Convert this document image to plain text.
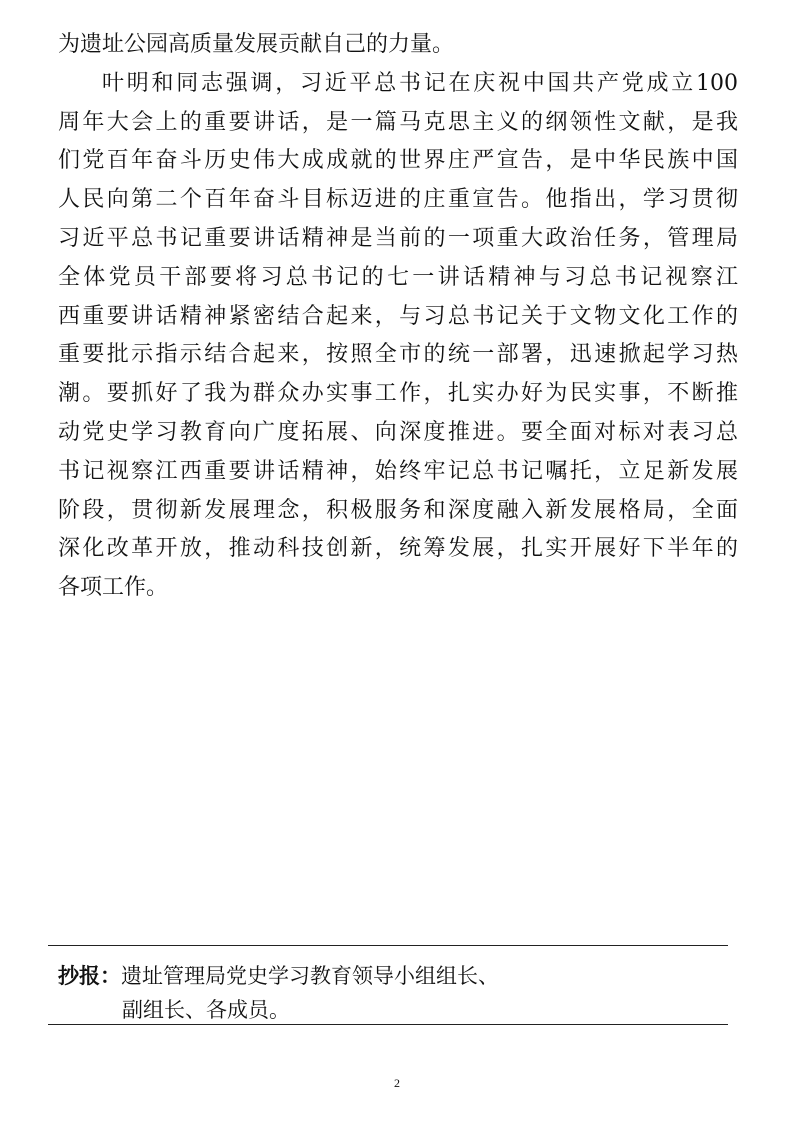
为遗址公园高质量发展贡献自己的力量。
叶明和同志强调，习近平总书记在庆祝中国共产党成立100
周年大会上的重要讲话，是一篇马克思主义的纲领性文献，是我
们党百年奋斗历史伟大成成就的世界庄严宣告，是中华民族中国
人民向第二个百年奋斗目标迈进的庄重宣告。他指出，学习贯彻
习近平总书记重要讲话精神是当前的一项重大政治任务，管理局
全体党员干部要将习总书记的七一讲话精神与习总书记视察江
西重要讲话精神紧密结合起来，与习总书记关于文物文化工作的
重要批示指示结合起来，按照全市的统一部署，迅速掀起学习热
潮。要抓好了我为群众办实事工作，扎实办好为民实事，不断推
动党史学习教育向广度拓展、向深度推进。要全面对标对表习总
书记视察江西重要讲话精神，始终牢记总书记嘱托，立足新发展
阶段，贯彻新发展理念，积极服务和深度融入新发展格局，全面
深化改革开放，推动科技创新，统筹发展，扎实开展好下半年的
各项工作。
抄报：遗址管理局党史学习教育领导小组组长、
副组长、各成员。
2
